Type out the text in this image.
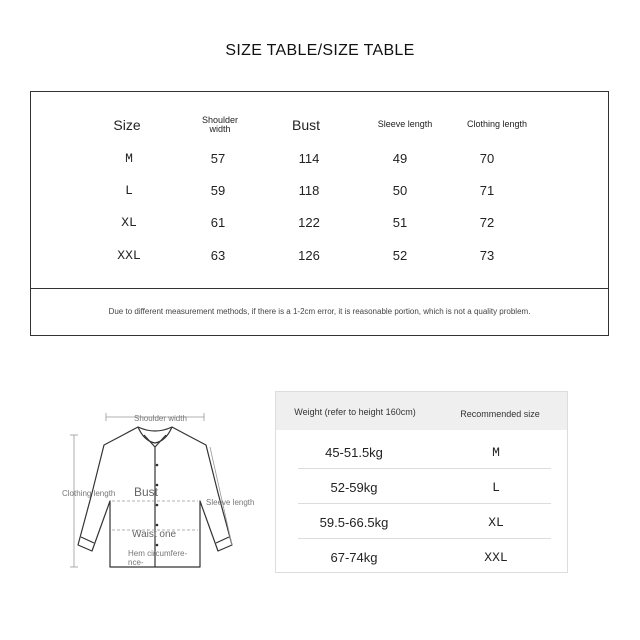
SIZE TABLE/SIZE TABLE
Size	Shoulder width	Bust	Sleeve length	Clothing length
M	57	114	49	70
L	59	118	50	71
XL	61	122	51	72
XXL	63	126	52	73
Due to different measurement methods, if there is a 1-2cm error, it is reasonable portion, which is not a quality problem.
Shoulder width
Clothing length Bust
Sleeve length
Waist one
Hem circumfere-nce-
Weight (refer to height 160cm)	Recommended size
45-51.5kg	M
52-59kg	L
59.5-66.5kg	XL
67-74kg	XXL
